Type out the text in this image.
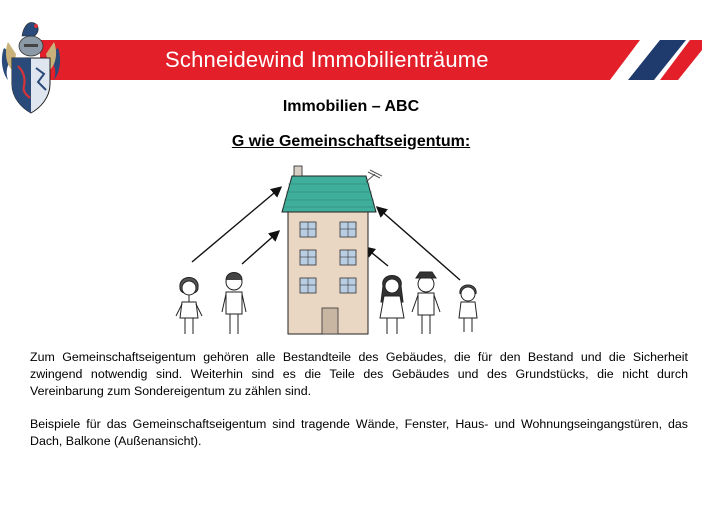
Schneidewind Immobilienträume
Immobilien – ABC
G wie Gemeinschaftseigentum:

Zum Gemeinschaftseigentum gehören alle Bestandteile des Gebäudes, die für den Bestand und die Sicherheit zwingend notwendig sind. Weiterhin sind es die Teile des Gebäudes und des Grundstücks, die nicht durch Vereinbarung zum Sondereigentum zu zählen sind.

Beispiele für das Gemeinschaftseigentum sind tragende Wände, Fenster, Haus- und Wohnungseingangstüren, das Dach, Balkone (Außenansicht).
